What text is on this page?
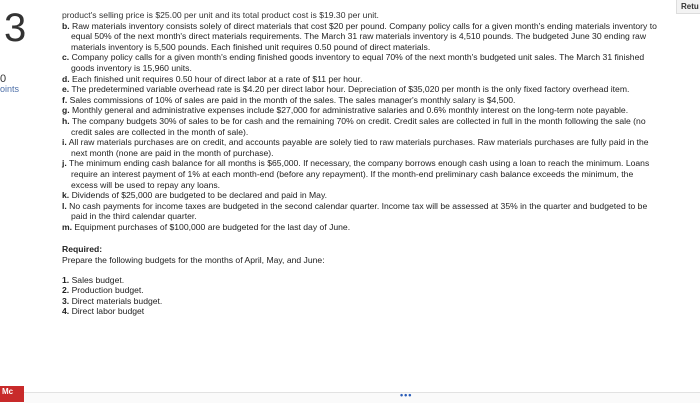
3
0
oints
Retu
product's selling price is $25.00 per unit and its total product cost is $19.30 per unit.
b. Raw materials inventory consists solely of direct materials that cost $20 per pound. Company policy calls for a given month's ending materials inventory to equal 50% of the next month's direct materials requirements. The March 31 raw materials inventory is 4,510 pounds. The budgeted June 30 ending raw materials inventory is 5,500 pounds. Each finished unit requires 0.50 pound of direct materials.
c. Company policy calls for a given month's ending finished goods inventory to equal 70% of the next month's budgeted unit sales. The March 31 finished goods inventory is 15,960 units.
d. Each finished unit requires 0.50 hour of direct labor at a rate of $11 per hour.
e. The predetermined variable overhead rate is $4.20 per direct labor hour. Depreciation of $35,020 per month is the only fixed factory overhead item.
f. Sales commissions of 10% of sales are paid in the month of the sales. The sales manager's monthly salary is $4,500.
g. Monthly general and administrative expenses include $27,000 for administrative salaries and 0.6% monthly interest on the long-term note payable.
h. The company budgets 30% of sales to be for cash and the remaining 70% on credit. Credit sales are collected in full in the month following the sale (no credit sales are collected in the month of sale).
i. All raw materials purchases are on credit, and accounts payable are solely tied to raw materials purchases. Raw materials purchases are fully paid in the next month (none are paid in the month of purchase).
j. The minimum ending cash balance for all months is $65,000. If necessary, the company borrows enough cash using a loan to reach the minimum. Loans require an interest payment of 1% at each month-end (before any repayment). If the month-end preliminary cash balance exceeds the minimum, the excess will be used to repay any loans.
k. Dividends of $25,000 are budgeted to be declared and paid in May.
l. No cash payments for income taxes are budgeted in the second calendar quarter. Income tax will be assessed at 35% in the quarter and budgeted to be paid in the third calendar quarter.
m. Equipment purchases of $100,000 are budgeted for the last day of June.
Required:
Prepare the following budgets for the months of April, May, and June:
1. Sales budget.
2. Production budget.
3. Direct materials budget.
4. Direct labor budget
Mc	•••
